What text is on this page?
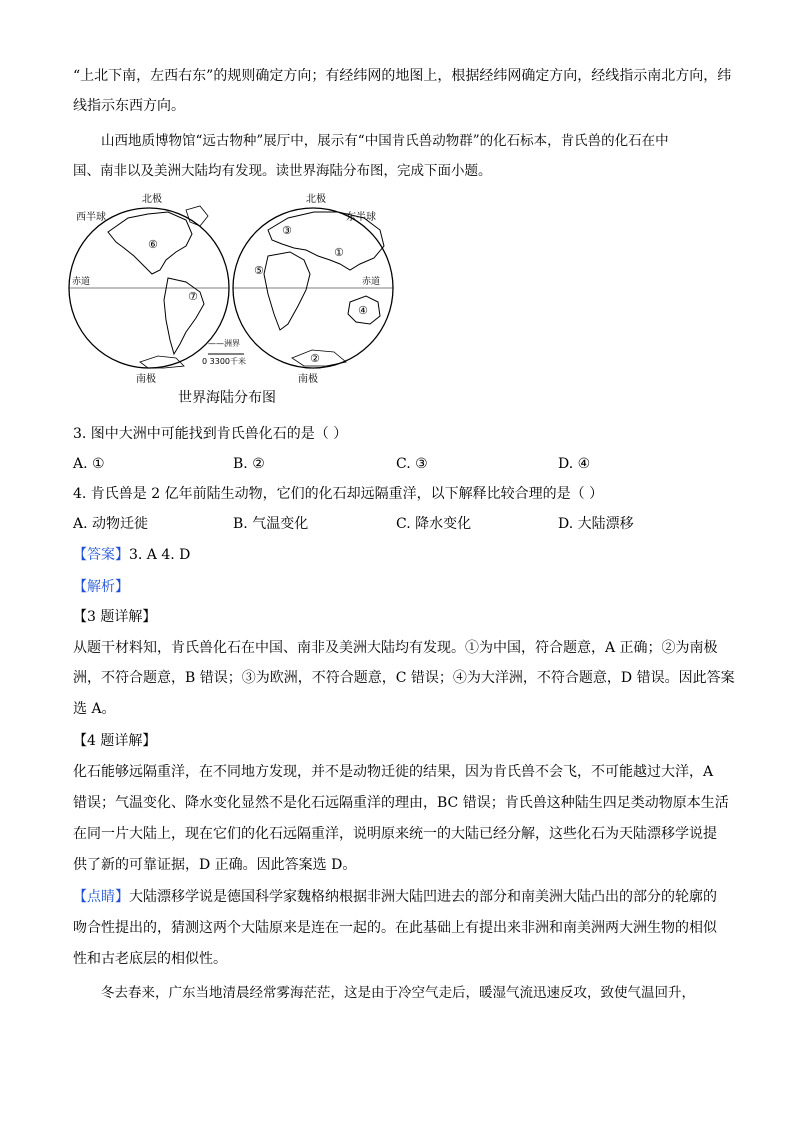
“上北下南，左西右东”的规则确定方向；有经纬网的地图上，根据经纬网确定方向，经线指示南北方向，纬
线指示东西方向。
山西地质博物馆“远古物种”展厅中，展示有“中国肯氏兽动物群”的化石标本，肯氏兽的化石在中
国、南非以及美洲大陆均有发现。读世界海陆分布图，完成下面小题。
西半球	东半球
北极	北极
南极	南极
赤道	赤道
⑥
⑦
⑤
③
①
④
②
——洲界
0 3300千米
世界海陆分布图
3. 图中大洲中可能找到肯氏兽化石的是（ ）
A. ①	B. ②	C. ③	D. ④
4. 肯氏兽是 2 亿年前陆生动物，它们的化石却远隔重洋，以下解释比较合理的是（ ）
A. 动物迁徙	B. 气温变化	C. 降水变化	D. 大陆漂移
【答案】3. A 4. D
【解析】
【3 题详解】
从题干材料知，肯氏兽化石在中国、南非及美洲大陆均有发现。①为中国，符合题意，A 正确；②为南极
洲，不符合题意，B 错误；③为欧洲，不符合题意，C 错误；④为大洋洲，不符合题意，D 错误。因此答案
选 A。
【4 题详解】
化石能够远隔重洋，在不同地方发现，并不是动物迁徙的结果，因为肯氏兽不会飞，不可能越过大洋，A
错误；气温变化、降水变化显然不是化石远隔重洋的理由，BC 错误；肯氏兽这种陆生四足类动物原本生活
在同一片大陆上，现在它们的化石远隔重洋，说明原来统一的大陆已经分解，这些化石为天陆漂移学说提
供了新的可靠证据，D 正确。因此答案选 D。
【点睛】大陆漂移学说是德国科学家魏格纳根据非洲大陆凹进去的部分和南美洲大陆凸出的部分的轮廓的
吻合性提出的，猜测这两个大陆原来是连在一起的。在此基础上有提出来非洲和南美洲两大洲生物的相似
性和古老底层的相似性。
冬去春来，广东当地清晨经常雾海茫茫，这是由于冷空气走后，暖湿气流迅速反攻，致使气温回升，
